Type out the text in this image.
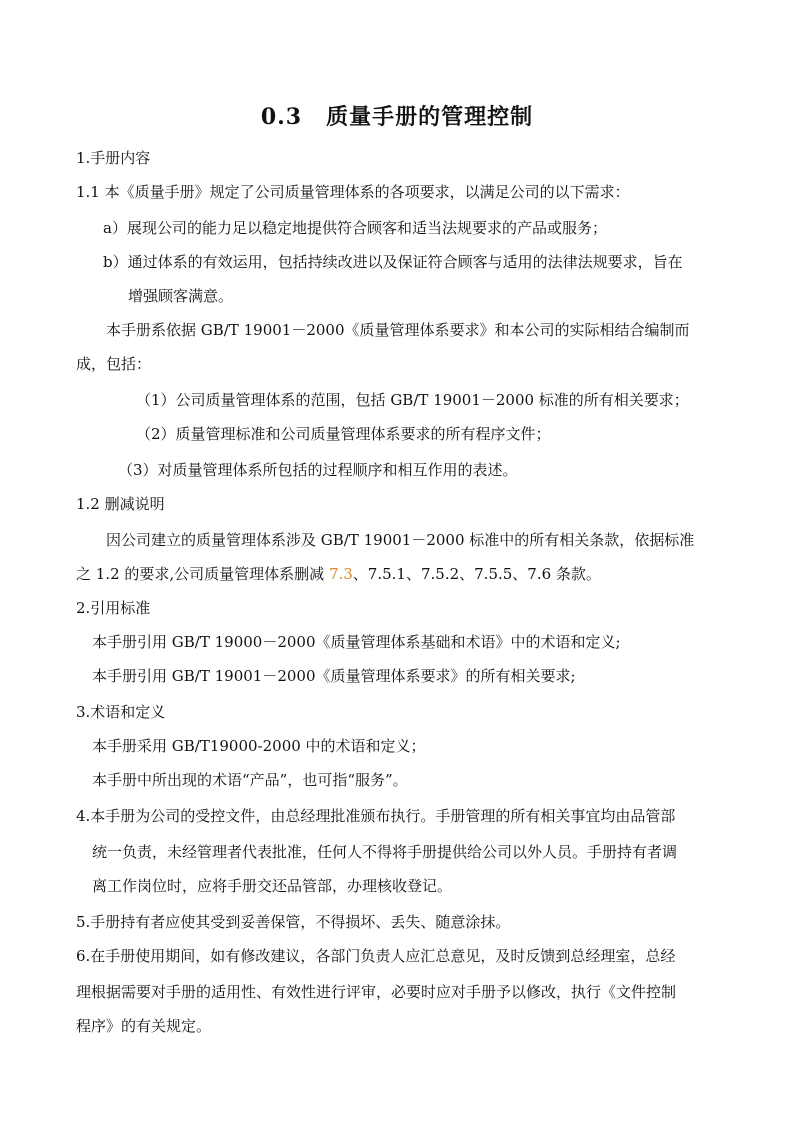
0.3 质量手册的管理控制
1.手册内容
1.1 本《质量手册》规定了公司质量管理体系的各项要求，以满足公司的以下需求：
a）展现公司的能力足以稳定地提供符合顾客和适当法规要求的产品或服务；
b）通过体系的有效运用，包括持续改进以及保证符合顾客与适用的法律法规要求，旨在
增强顾客满意。
本手册系依据 GB/T 19001－2000《质量管理体系要求》和本公司的实际相结合编制而
成，包括：
（1）公司质量管理体系的范围，包括 GB/T 19001－2000 标准的所有相关要求；
（2）质量管理标准和公司质量管理体系要求的所有程序文件；
（3）对质量管理体系所包括的过程顺序和相互作用的表述。
1.2 删减说明
因公司建立的质量管理体系涉及 GB/T 19001－2000 标准中的所有相关条款，依据标准
之 1.2 的要求,公司质量管理体系删减 7.3、7.5.1、7.5.2、7.5.5、7.6 条款。
2.引用标准
本手册引用 GB/T 19000－2000《质量管理体系基础和术语》中的术语和定义;
本手册引用 GB/T 19001－2000《质量管理体系要求》的所有相关要求;
3.术语和定义
本手册采用 GB/T19000-2000 中的术语和定义；
本手册中所出现的术语“产品”，也可指“服务”。
4.本手册为公司的受控文件，由总经理批准颁布执行。手册管理的所有相关事宜均由品管部
统一负责，未经管理者代表批准，任何人不得将手册提供给公司以外人员。手册持有者调
离工作岗位时，应将手册交还品管部，办理核收登记。
5.手册持有者应使其受到妥善保管，不得损坏、丢失、随意涂抹。
6.在手册使用期间，如有修改建议，各部门负责人应汇总意见，及时反馈到总经理室，总经
理根据需要对手册的适用性、有效性进行评审，必要时应对手册予以修改，执行《文件控制
程序》的有关规定。
